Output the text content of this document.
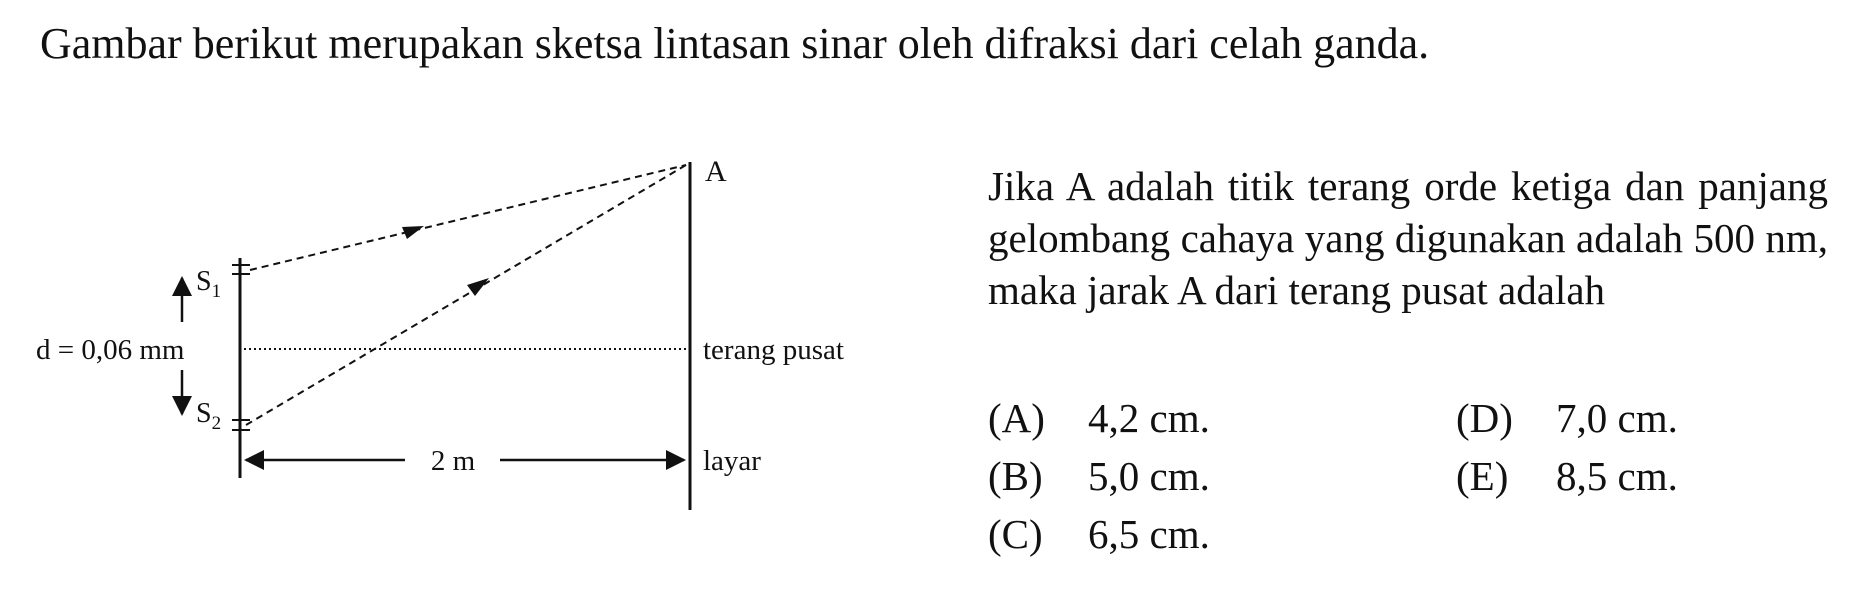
Gambar berikut merupakan sketsa lintasan sinar oleh difraksi dari celah ganda.
A
$S_1$
$S_2$
d = 0,06 mm	terang pusat
2 m	layar

Jika A adalah titik terang orde ketiga dan panjang gelombang cahaya yang digunakan adalah 500 nm, maka jarak A dari terang pusat adalah

(A) 4,2 cm.
(B) 5,0 cm.
(C) 6,5 cm.
(D) 7,0 cm.
(E) 8,5 cm.
